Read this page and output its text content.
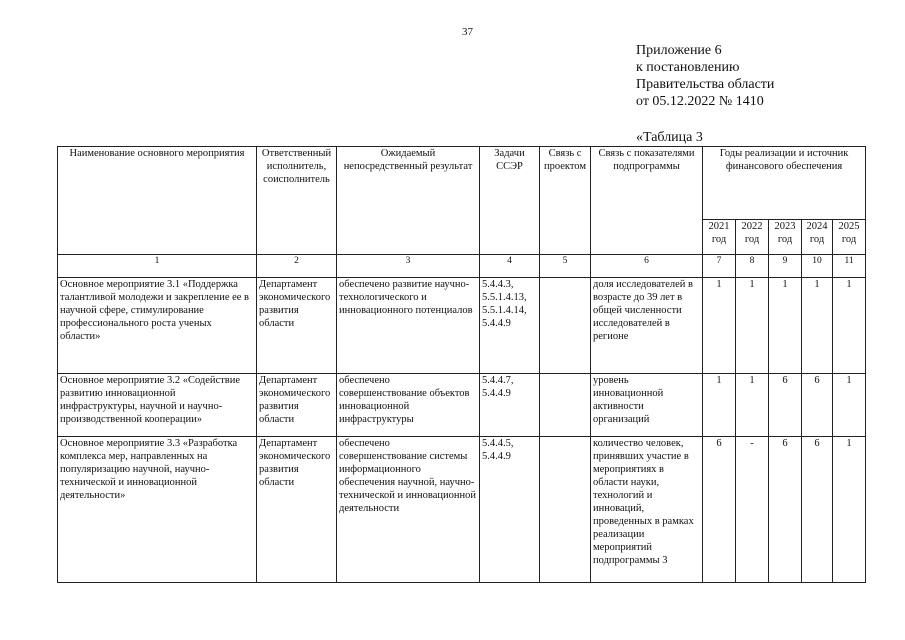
37
Приложение 6
к постановлению
Правительства области
от 05.12.2022 № 1410
«Таблица 3
Наименование основного мероприятия	Ответственный исполнитель, соисполнитель	Ожидаемый непосредственный результат	Задачи ССЭР	Связь с проектом	Связь с показателями подпрограммы	Годы реализации и источник финансового обеспечения				
						2021 год	2022 год	2023 год	2024 год	2025 год
1	2	3	4	5	6	7	8	9	10	11
Основное мероприятие 3.1 «Поддержка талантливой молодежи и закрепление ее в научной сфере, стимулирование профессионального роста ученых области»	Департамент экономического развития области	обеспечено развитие научно-технологического и инновационного потенциалов	5.4.4.3, 5.5.1.4.13, 5.5.1.4.14, 5.4.4.9		доля исследователей в возрасте до 39 лет в общей численности исследователей в регионе	1	1	1	1	1
Основное мероприятие 3.2 «Содействие развитию инновационной инфраструктуры, научной и научно-производственной кооперации»	Департамент экономического развития области	обеспечено совершенствование объектов инновационной инфраструктуры	5.4.4.7, 5.4.4.9		уровень инновационной активности организаций	1	1	6	6	1
Основное мероприятие 3.3 «Разработка комплекса мер, направленных на популяризацию научной, научно-технической и инновационной деятельности»	Департамент экономического развития области	обеспечено совершенствование системы информационного обеспечения научной, научно-технической и инновационной деятельности	5.4.4.5, 5.4.4.9		количество человек, принявших участие в мероприятиях в области науки, технологий и инноваций, проведенных в рамках реализации мероприятий подпрограммы 3	6	-	6	6	1
